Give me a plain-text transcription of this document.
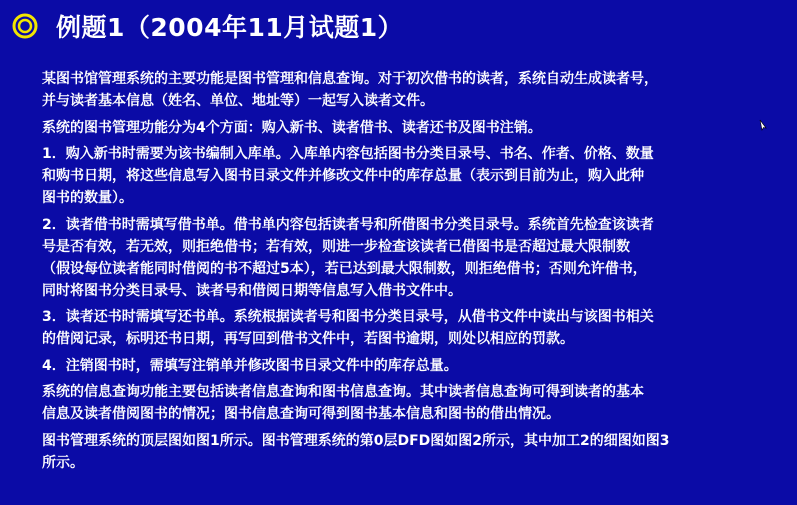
例题1（2004年11月试题1）
某图书馆管理系统的主要功能是图书管理和信息查询。对于初次借书的读者，系统自动生成读者号，
并与读者基本信息（姓名、单位、地址等）一起写入读者文件。
系统的图书管理功能分为4个方面：购入新书、读者借书、读者还书及图书注销。
1．购入新书时需要为该书编制入库单。入库单内容包括图书分类目录号、书名、作者、价格、数量
和购书日期，将这些信息写入图书目录文件并修改文件中的库存总量（表示到目前为止，购入此种
图书的数量）。
2．读者借书时需填写借书单。借书单内容包括读者号和所借图书分类目录号。系统首先检查该读者
号是否有效，若无效，则拒绝借书；若有效，则进一步检查该读者已借图书是否超过最大限制数
（假设每位读者能同时借阅的书不超过5本），若已达到最大限制数，则拒绝借书；否则允许借书，
同时将图书分类目录号、读者号和借阅日期等信息写入借书文件中。
3．读者还书时需填写还书单。系统根据读者号和图书分类目录号，从借书文件中读出与该图书相关
的借阅记录，标明还书日期，再写回到借书文件中，若图书逾期，则处以相应的罚款。
4．注销图书时，需填写注销单并修改图书目录文件中的库存总量。
系统的信息查询功能主要包括读者信息查询和图书信息查询。其中读者信息查询可得到读者的基本
信息及读者借阅图书的情况；图书信息查询可得到图书基本信息和图书的借出情况。
图书管理系统的顶层图如图1所示。图书管理系统的第0层DFD图如图2所示，其中加工2的细图如图3
所示。
